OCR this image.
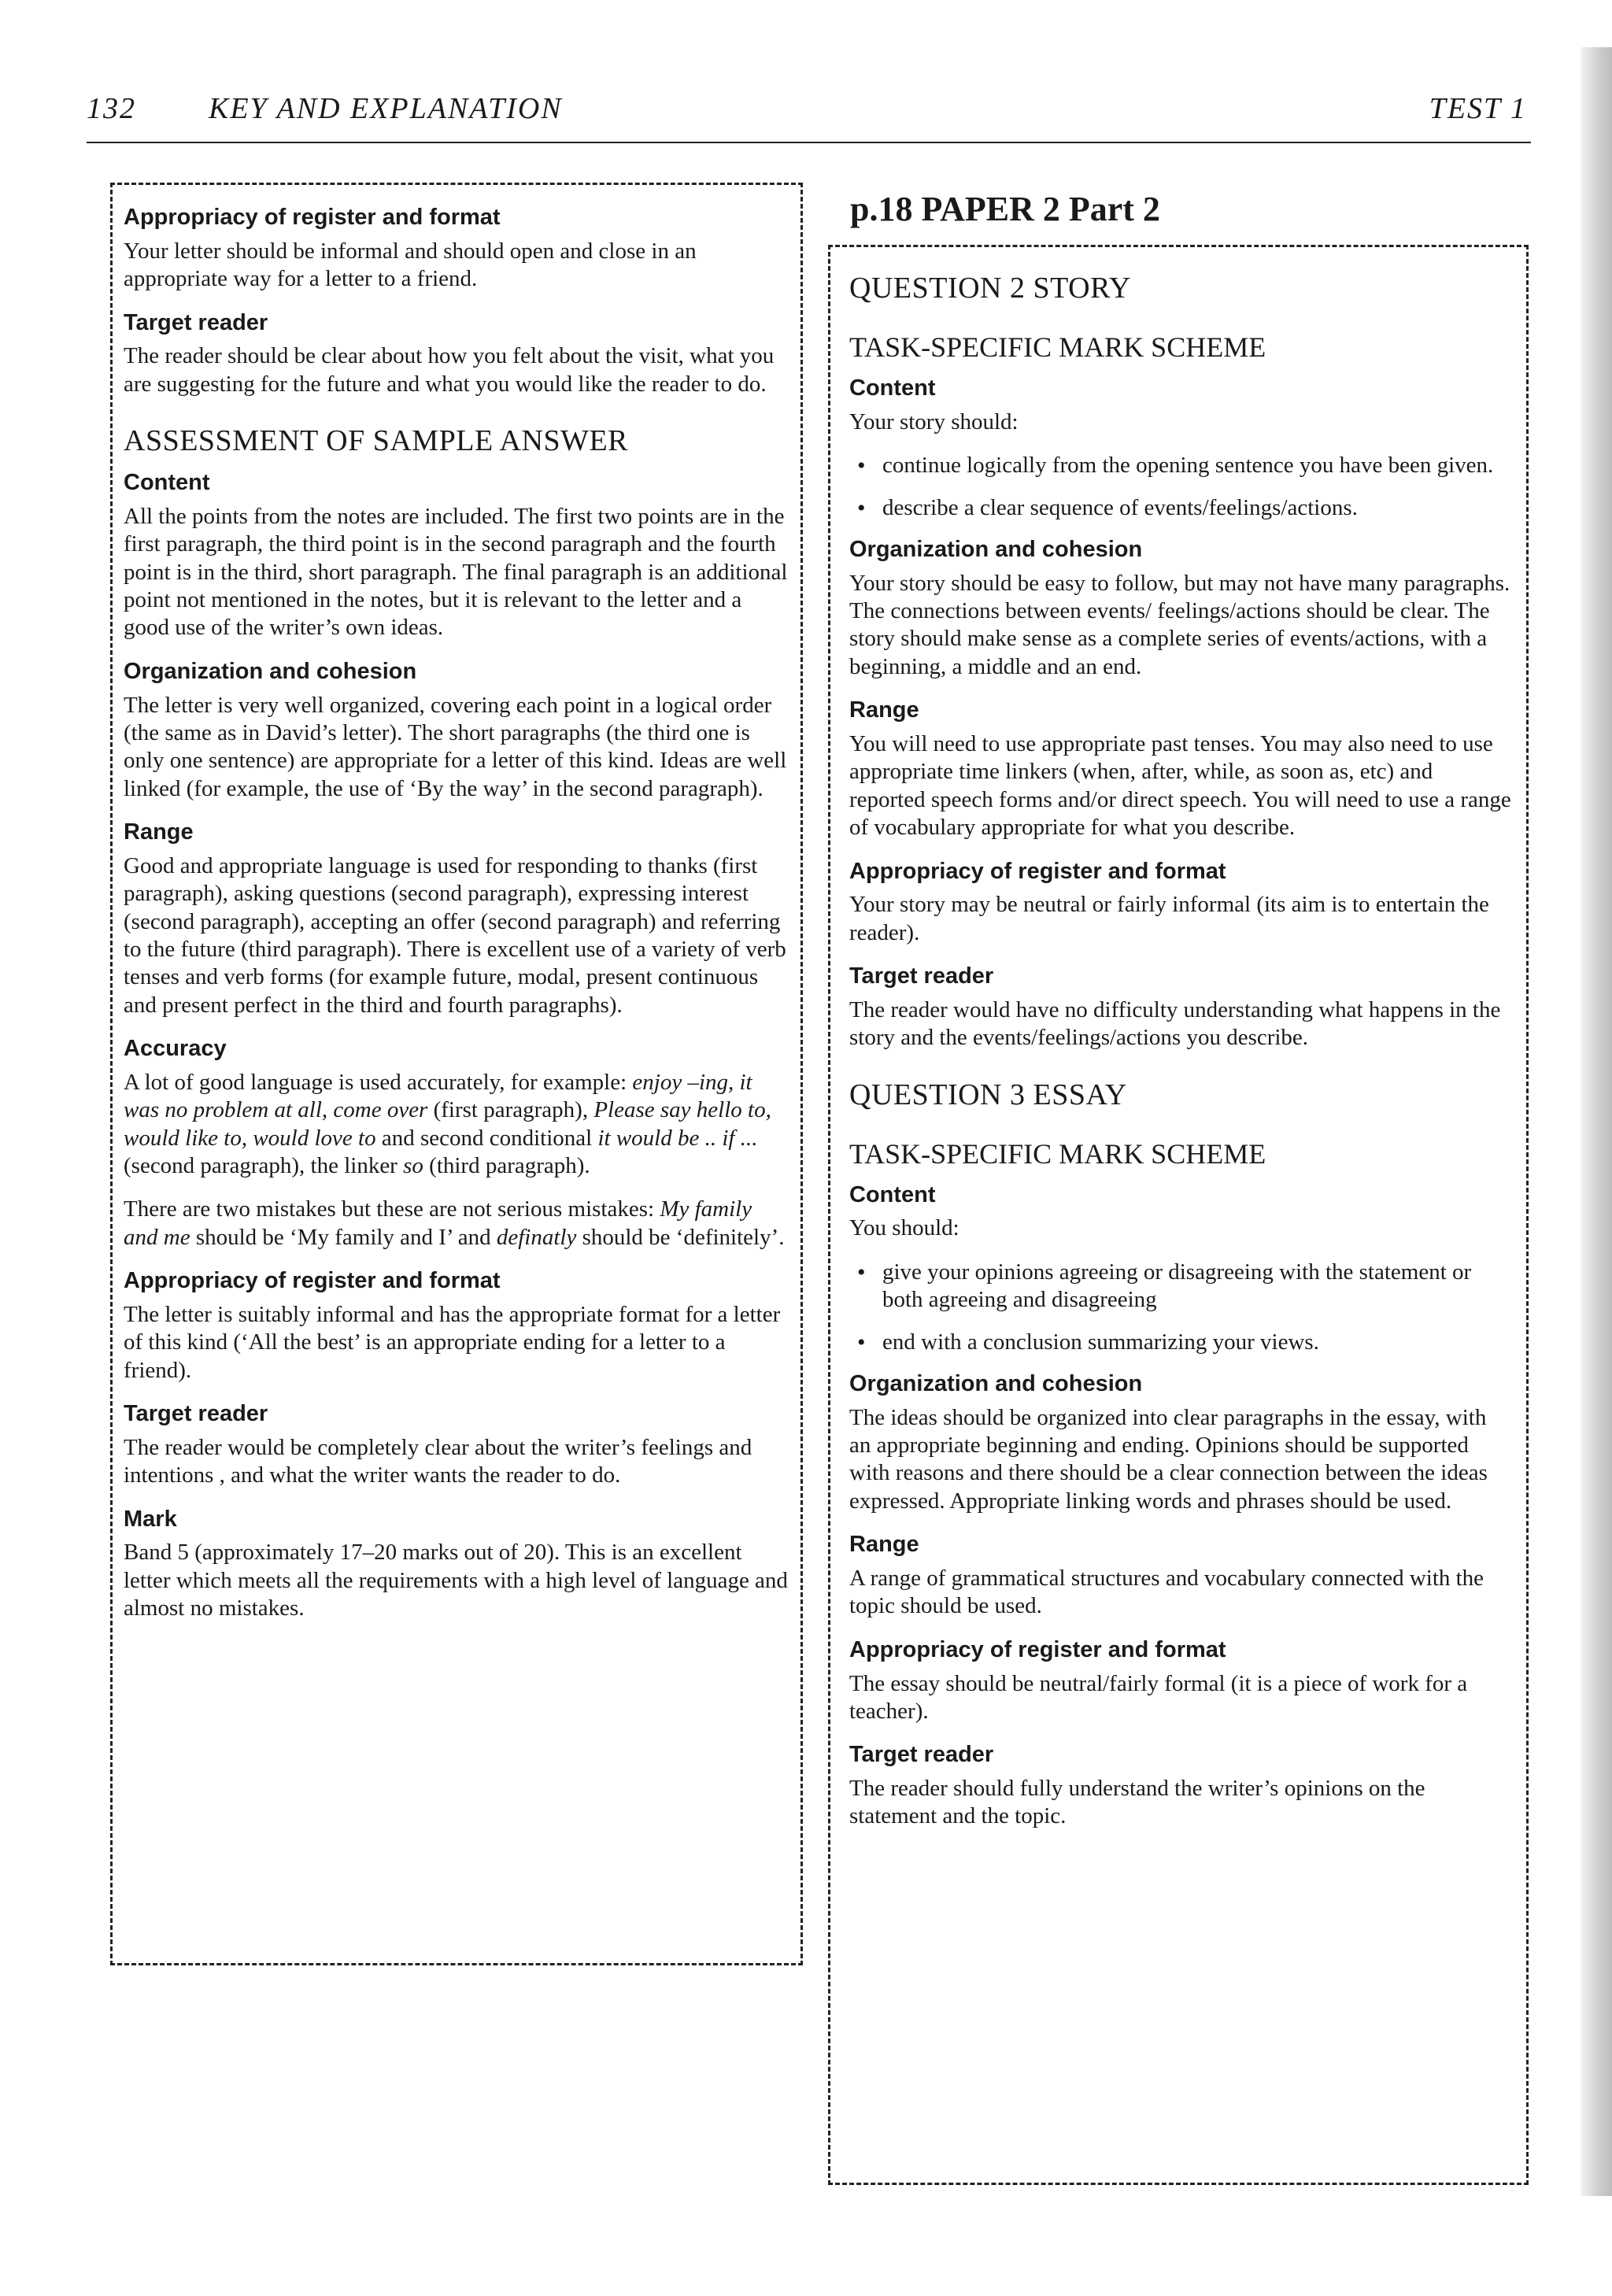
132 KEY AND EXPLANATION	TEST 1
Appropriacy of register and format

Your letter should be informal and should open and close in an appropriate way for a letter to a friend.

Target reader

The reader should be clear about how you felt about the visit, what you are suggesting for the future and what you would like the reader to do.

ASSESSMENT OF SAMPLE ANSWER
Content

All the points from the notes are included. The first two points are in the first paragraph, the third point is in the second paragraph and the fourth point is in the third, short paragraph. The final paragraph is an additional point not mentioned in the notes, but it is relevant to the letter and a good use of the writer’s own ideas.

Organization and cohesion

The letter is very well organized, covering each point in a logical order (the same as in David’s letter). The short paragraphs (the third one is only one sentence) are appropriate for a letter of this kind. Ideas are well linked (for example, the use of ‘By the way’ in the second paragraph).

Range

Good and appropriate language is used for responding to thanks (first paragraph), asking questions (second paragraph), expressing interest (second paragraph), accepting an offer (second paragraph) and referring to the future (third paragraph). There is excellent use of a variety of verb tenses and verb forms (for example future, modal, present continuous and present perfect in the third and fourth paragraphs).

Accuracy

A lot of good language is used accurately, for example: enjoy –ing, it was no problem at all, come over (first paragraph), Please say hello to, would like to, would love to and second conditional it would be .. if ... (second paragraph), the linker so (third paragraph).

There are two mistakes but these are not serious mistakes: My family and me should be ‘My family and I’ and definatly should be ‘definitely’.

Appropriacy of register and format

The letter is suitably informal and has the appropriate format for a letter of this kind (‘All the best’ is an appropriate ending for a letter to a friend).

Target reader

The reader would be completely clear about the writer’s feelings and intentions , and what the writer wants the reader to do.

Mark

Band 5 (approximately 17–20 marks out of 20). This is an excellent letter which meets all the requirements with a high level of language and almost no mistakes.

p.18 PAPER 2 Part 2
QUESTION 2 STORY
TASK-SPECIFIC MARK SCHEME
Content

Your story should:

• continue logically from the opening sentence you have been given.
• describe a clear sequence of events/feelings/actions.
Organization and cohesion

Your story should be easy to follow, but may not have many paragraphs. The connections between events/ feelings/actions should be clear. The story should make sense as a complete series of events/actions, with a beginning, a middle and an end.

Range

You will need to use appropriate past tenses. You may also need to use appropriate time linkers (when, after, while, as soon as, etc) and reported speech forms and/or direct speech. You will need to use a range of vocabulary appropriate for what you describe.

Appropriacy of register and format

Your story may be neutral or fairly informal (its aim is to entertain the reader).

Target reader

The reader would have no difficulty understanding what happens in the story and the events/feelings/actions you describe.

QUESTION 3 ESSAY
TASK-SPECIFIC MARK SCHEME
Content

You should:

• give your opinions agreeing or disagreeing with the statement or both agreeing and disagreeing
• end with a conclusion summarizing your views.
Organization and cohesion

The ideas should be organized into clear paragraphs in the essay, with an appropriate beginning and ending. Opinions should be supported with reasons and there should be a clear connection between the ideas expressed. Appropriate linking words and phrases should be used.

Range

A range of grammatical structures and vocabulary connected with the topic should be used.

Appropriacy of register and format

The essay should be neutral/fairly formal (it is a piece of work for a teacher).

Target reader

The reader should fully understand the writer’s opinions on the statement and the topic.
